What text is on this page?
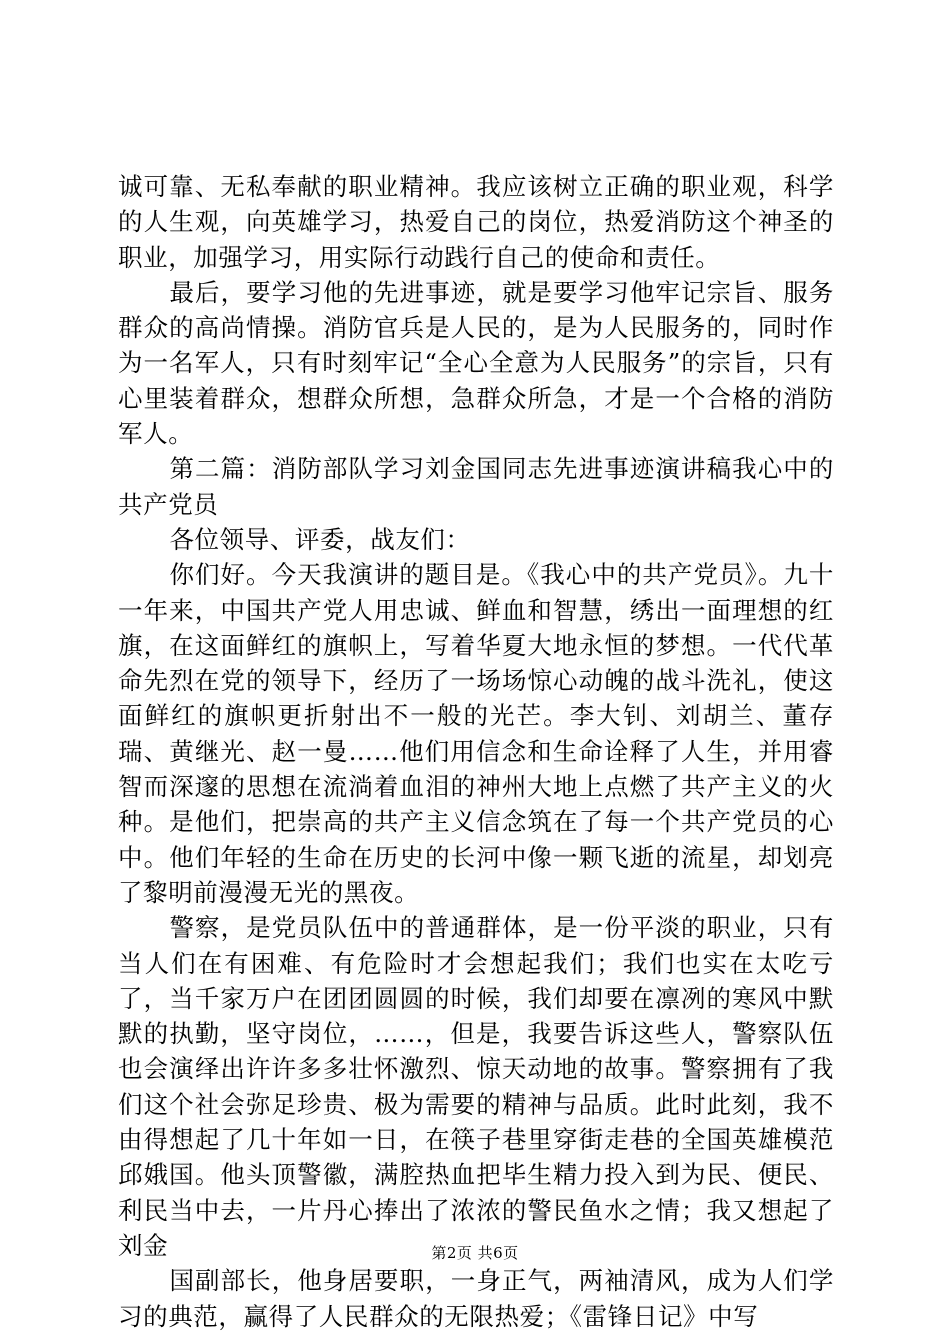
诚可靠、无私奉献的职业精神。我应该树立正确的职业观，科学的人生观，向英雄学习，热爱自己的岗位，热爱消防这个神圣的职业，加强学习，用实际行动践行自己的使命和责任。

最后，要学习他的先进事迹，就是要学习他牢记宗旨、服务群众的高尚情操。消防官兵是人民的，是为人民服务的，同时作为一名军人，只有时刻牢记“全心全意为人民服务”的宗旨，只有心里装着群众，想群众所想，急群众所急，才是一个合格的消防军人。

第二篇：消防部队学习刘金国同志先进事迹演讲稿我心中的共产党员

各位领导、评委，战友们：

你们好。今天我演讲的题目是。《我心中的共产党员》。九十一年来，中国共产党人用忠诚、鲜血和智慧，绣出一面理想的红旗，在这面鲜红的旗帜上，写着华夏大地永恒的梦想。一代代革命先烈在党的领导下，经历了一场场惊心动魄的战斗洗礼，使这面鲜红的旗帜更折射出不一般的光芒。李大钊、刘胡兰、董存瑞、黄继光、赵一曼……他们用信念和生命诠释了人生，并用睿智而深邃的思想在流淌着血泪的神州大地上点燃了共产主义的火种。是他们，把崇高的共产主义信念筑在了每一个共产党员的心中。他们年轻的生命在历史的长河中像一颗飞逝的流星，却划亮了黎明前漫漫无光的黑夜。

警察，是党员队伍中的普通群体，是一份平淡的职业，只有当人们在有困难、有危险时才会想起我们；我们也实在太吃亏了，当千家万户在团团圆圆的时候，我们却要在凛冽的寒风中默默的执勤，坚守岗位，……，但是，我要告诉这些人，警察队伍也会演绎出许许多多壮怀激烈、惊天动地的故事。警察拥有了我们这个社会弥足珍贵、极为需要的精神与品质。此时此刻，我不由得想起了几十年如一日，在筷子巷里穿街走巷的全国英雄模范邱娥国。他头顶警徽，满腔热血把毕生精力投入到为民、便民、利民当中去，一片丹心捧出了浓浓的警民鱼水之情；我又想起了刘金

国副部长，他身居要职，一身正气，两袖清风，成为人们学习的典范，赢得了人民群众的无限热爱；《雷锋日记》中写

第2页 共6页
